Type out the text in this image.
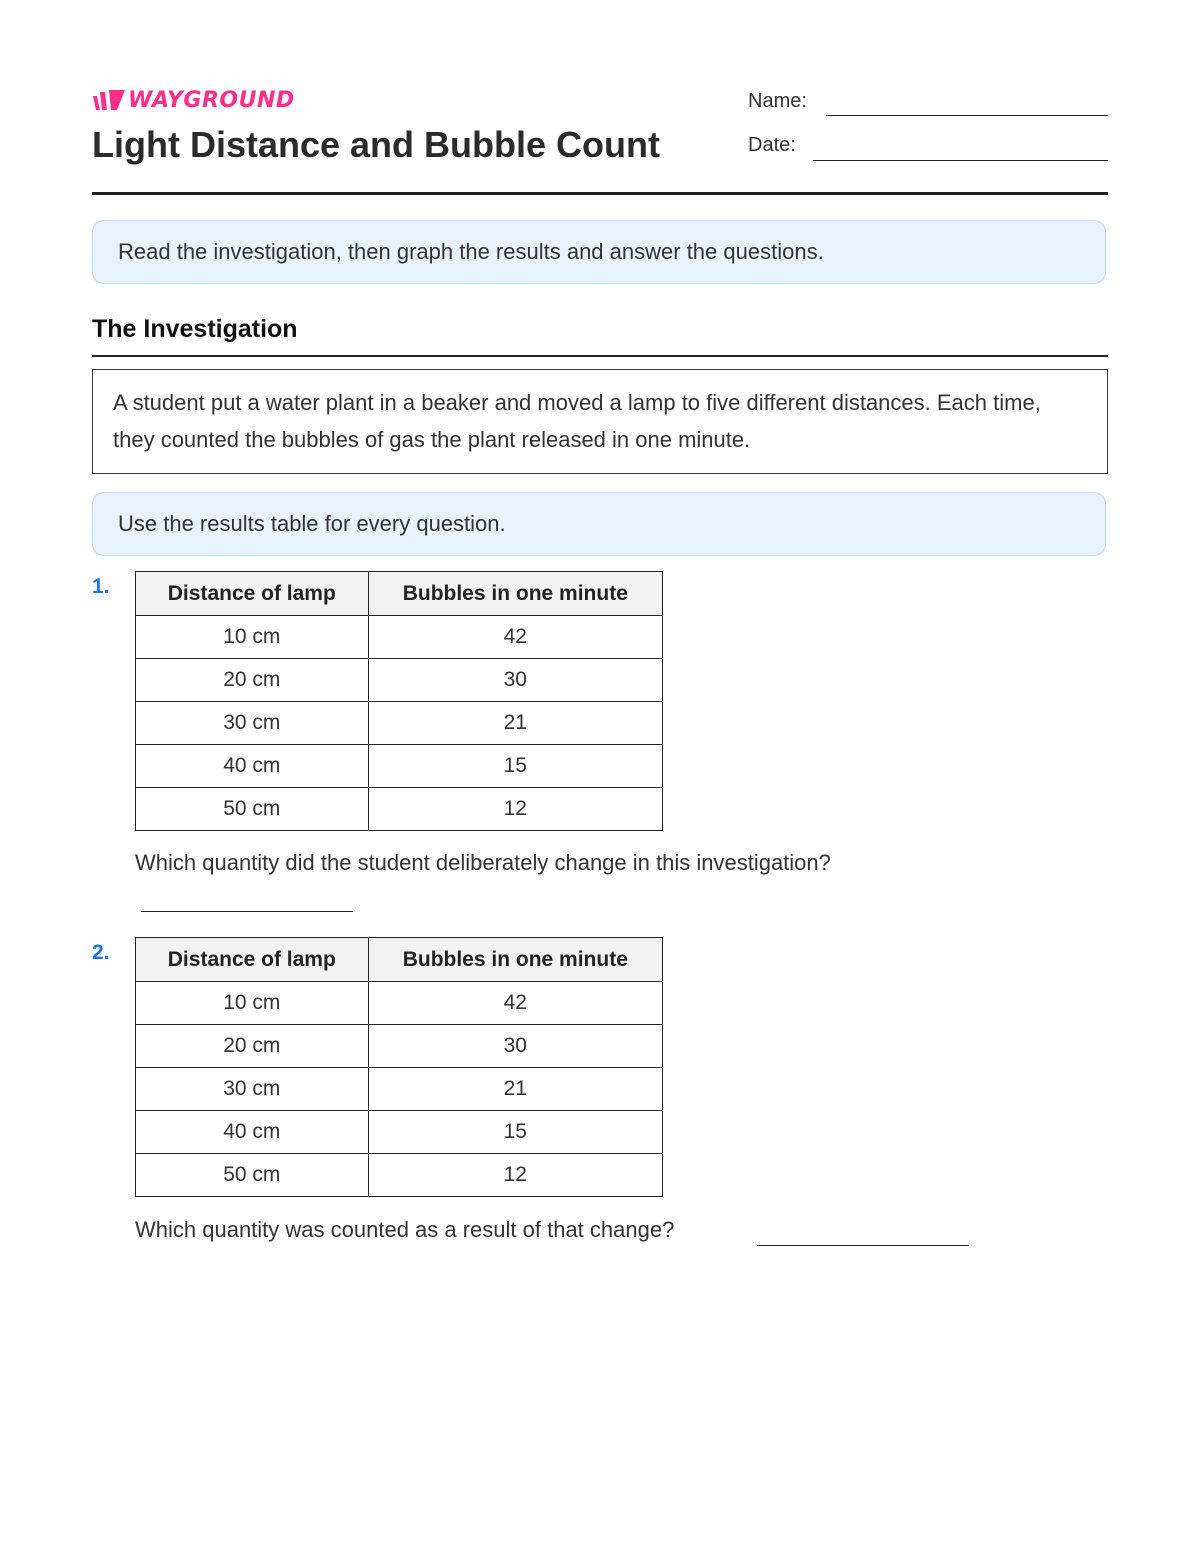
WAYGROUND
Light Distance and Bubble Count
Name:
Date:
Read the investigation, then graph the results and answer the questions.
The Investigation
A student put a water plant in a beaker and moved a lamp to five different distances. Each time, they counted the bubbles of gas the plant released in one minute.
Use the results table for every question.
1.	Distance of lamp	Bubbles in one minute
10 cm	42
20 cm	30
30 cm	21
40 cm	15
50 cm	12
Which quantity did the student deliberately change in this investigation?
2.	Distance of lamp	Bubbles in one minute
10 cm	42
20 cm	30
30 cm	21
40 cm	15
50 cm	12
Which quantity was counted as a result of that change?
